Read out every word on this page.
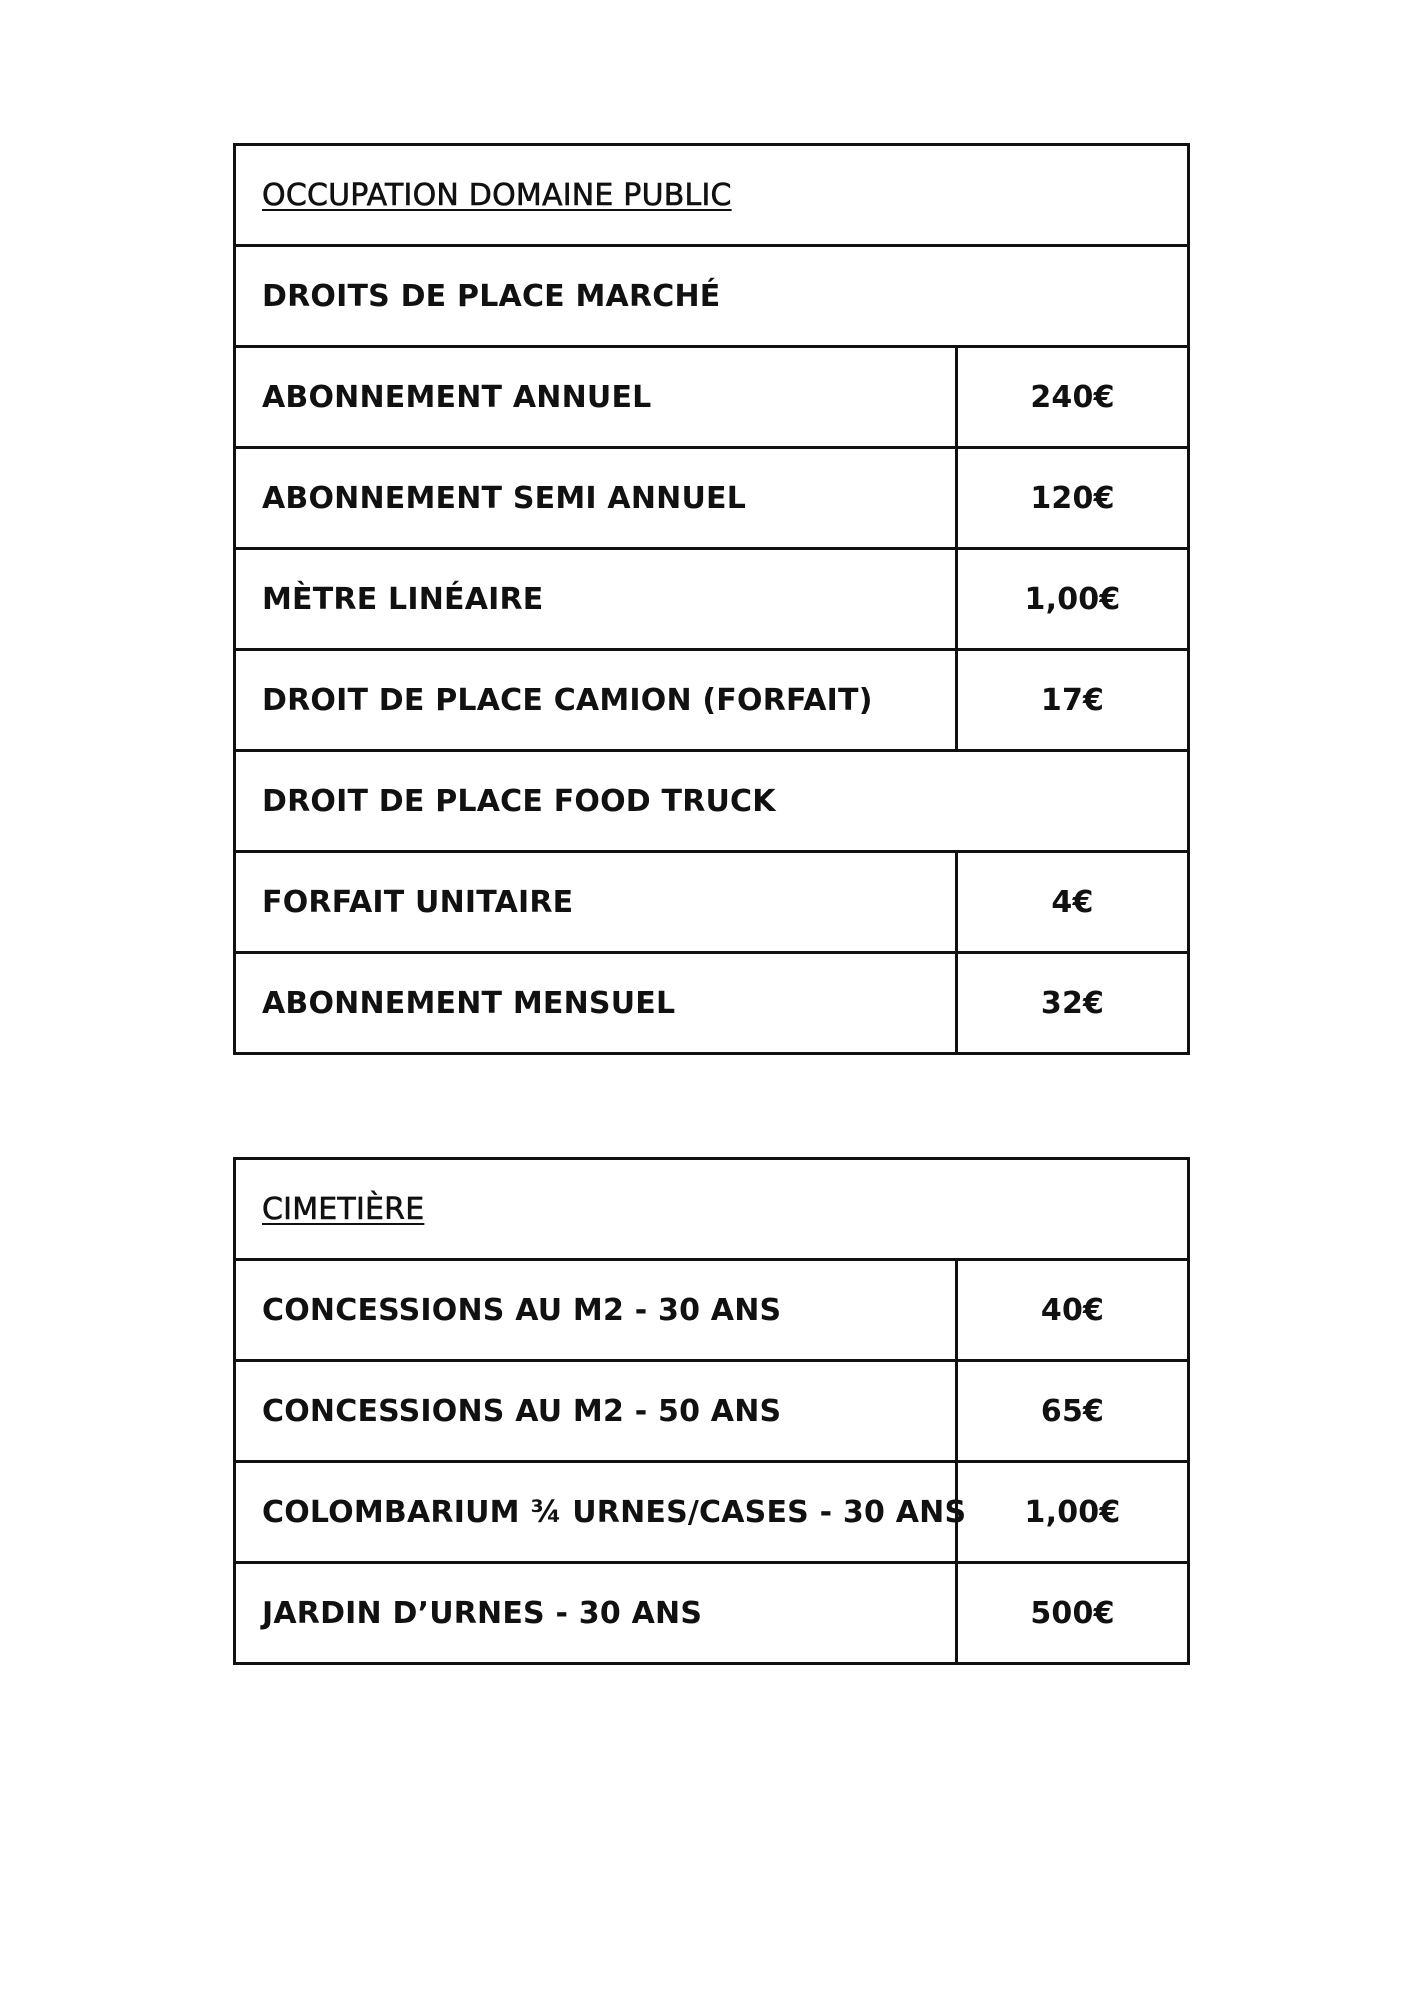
OCCUPATION DOMAINE PUBLIC	
DROITS DE PLACE MARCHÉ	
ABONNEMENT ANNUEL	240€
ABONNEMENT SEMI ANNUEL	120€
MÈTRE LINÉAIRE	1,00€
DROIT DE PLACE CAMION (FORFAIT)	17€
DROIT DE PLACE FOOD TRUCK	
FORFAIT UNITAIRE	4€
ABONNEMENT MENSUEL	32€
CIMETIÈRE	
CONCESSIONS AU M2 - 30 ANS	40€
CONCESSIONS AU M2 - 50 ANS	65€
COLOMBARIUM ¾ URNES/CASES - 30 ANS	1,00€
JARDIN D’URNES - 30 ANS	500€
